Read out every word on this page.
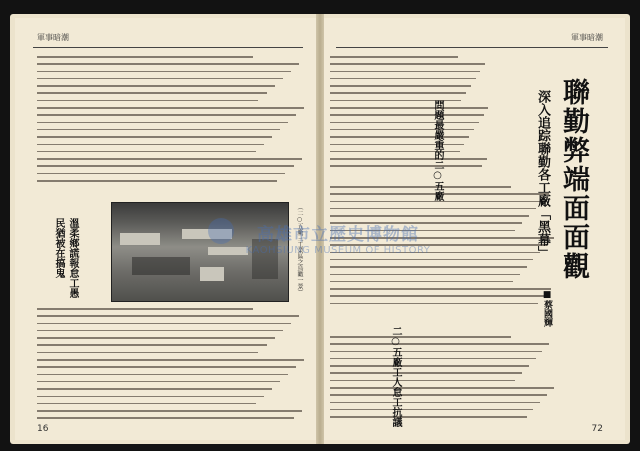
軍事暗潮
溫柔鄉謊報怠工愚
民猶被在搞鬼	（二○五廠三工業區之鳥瞰一景）
16
軍事暗潮
聯勤弊端面面觀
深入追踪聯勤各工廠「黑幕」
■蔡國輝
問題最嚴重的二○五廠
二○五廠工人怠工抗議
72
高雄市立歷史博物館
KAOHSIUNG MUSEUM OF HISTORY
